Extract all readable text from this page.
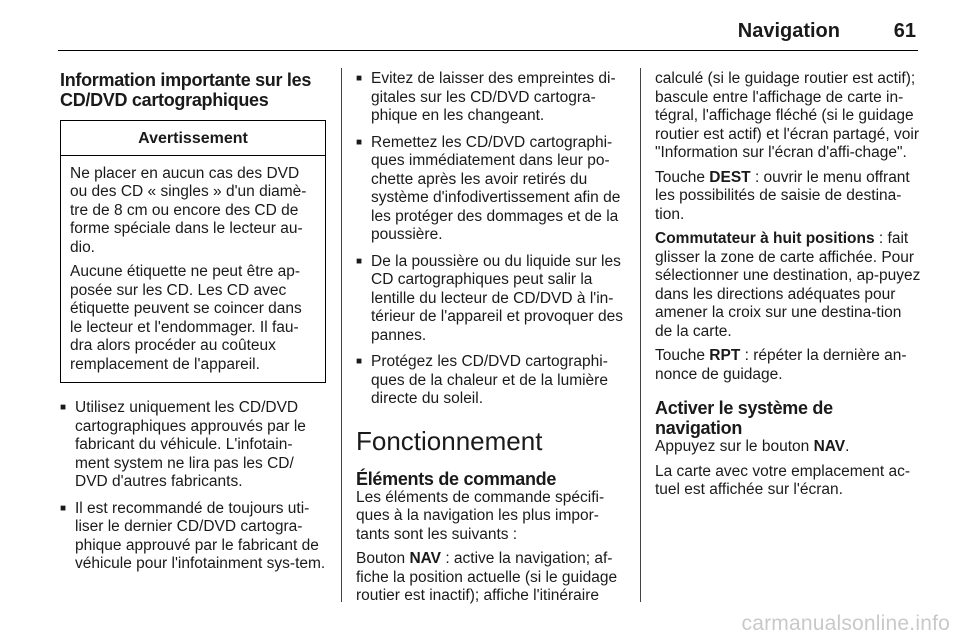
Navigation	61
Information importante sur les CD/DVD cartographiques
Avertissement

Ne placer en aucun cas des DVD ou des CD « singles » d'un diamè-tre de 8 cm ou encore des CD de forme spéciale dans le lecteur au-dio.

Aucune étiquette ne peut être ap-posée sur les CD. Les CD avec étiquette peuvent se coincer dans le lecteur et l'endommager. Il fau-dra alors procéder au coûteux remplacement de l'appareil.

■ Utilisez uniquement les CD/DVD cartographiques approuvés par le fabricant du véhicule. L'infotain-ment system ne lira pas les CD/ DVD d'autres fabricants.
■ Il est recommandé de toujours uti-liser le dernier CD/DVD cartogra-phique approuvé par le fabricant de véhicule pour l'infotainment sys-tem.
■ Evitez de laisser des empreintes di-gitales sur les CD/DVD cartogra-phique en les changeant.
■ Remettez les CD/DVD cartographi-ques immédiatement dans leur po-chette après les avoir retirés du système d'infodivertissement afin de les protéger des dommages et de la poussière.
■ De la poussière ou du liquide sur les CD cartographiques peut salir la lentille du lecteur de CD/DVD à l'in-térieur de l'appareil et provoquer des pannes.
■ Protégez les CD/DVD cartographi-ques de la chaleur et de la lumière directe du soleil.
Fonctionnement
Éléments de commande

Les éléments de commande spécifi-ques à la navigation les plus impor-tants sont les suivants :

Bouton NAV : active la navigation; af-fiche la position actuelle (si le guidage routier est inactif); affiche l'itinéraire

calculé (si le guidage routier est actif); bascule entre l'affichage de carte in-tégral, l'affichage fléché (si le guidage routier est actif) et l'écran partagé, voir "Information sur l'écran d'affi-chage".

Touche DEST : ouvrir le menu offrant les possibilités de saisie de destina-tion.

Commutateur à huit positions : fait glisser la zone de carte affichée. Pour sélectionner une destination, ap-puyez dans les directions adéquates pour amener la croix sur une destina-tion de la carte.

Touche RPT : répéter la dernière an-nonce de guidage.

Activer le système de navigation

Appuyez sur le bouton NAV.

La carte avec votre emplacement ac-tuel est affichée sur l'écran.

carmanualsonline.info
